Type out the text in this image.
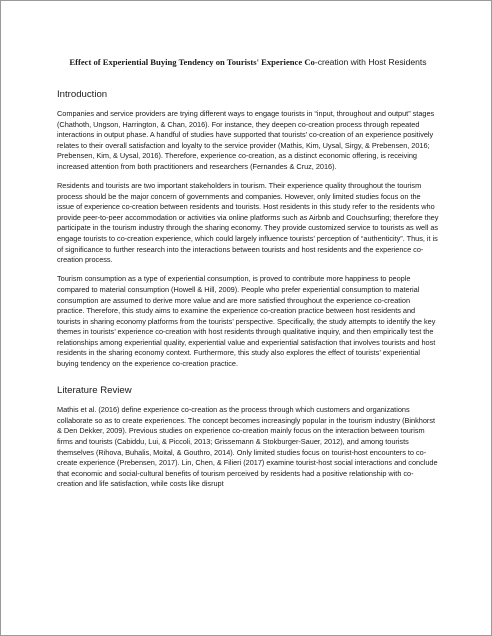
Effect of Experiential Buying Tendency on Tourists' Experience Co-creation with Host Residents
Introduction

Companies and service providers are trying different ways to engage tourists in “input, throughout and output” stages (Chathoth, Ungson, Harrington, & Chan, 2016). For instance, they deepen co-creation process through repeated interactions in output phase. A handful of studies have supported that tourists’ co-creation of an experience positively relates to their overall satisfaction and loyalty to the service provider (Mathis, Kim, Uysal, Sirgy, & Prebensen, 2016; Prebensen, Kim, & Uysal, 2016). Therefore, experience co-creation, as a distinct economic offering, is receiving increased attention from both practitioners and researchers (Fernandes & Cruz, 2016).

Residents and tourists are two important stakeholders in tourism. Their experience quality throughout the tourism process should be the major concern of governments and companies. However, only limited studies focus on the issue of experience co-creation between residents and tourists. Host residents in this study refer to the residents who provide peer-to-peer accommodation or activities via online platforms such as Airbnb and Couchsurfing; therefore they participate in the tourism industry through the sharing economy. They provide customized service to tourists as well as engage tourists to co-creation experience, which could largely influence tourists’ perception of “authenticity”. Thus, it is of significance to further research into the interactions between tourists and host residents and the experience co-creation process.

Tourism consumption as a type of experiential consumption, is proved to contribute more happiness to people compared to material consumption (Howell & Hill, 2009). People who prefer experiential consumption to material consumption are assumed to derive more value and are more satisfied throughout the experience co-creation practice. Therefore, this study aims to examine the experience co-creation practice between host residents and tourists in sharing economy platforms from the tourists’ perspective. Specifically, the study attempts to identify the key themes in tourists’ experience co-creation with host residents through qualitative inquiry, and then empirically test the relationships among experiential quality, experiential value and experiential satisfaction that involves tourists and host residents in the sharing economy context. Furthermore, this study also explores the effect of tourists’ experiential buying tendency on the experience co-creation practice.

Literature Review

Mathis et al. (2016) define experience co-creation as the process through which customers and organizations collaborate so as to create experiences. The concept becomes increasingly popular in the tourism industry (Binkhorst & Den Dekker, 2009). Previous studies on experience co-creation mainly focus on the interaction between tourism firms and tourists (Cabiddu, Lui, & Piccoli, 2013; Grissemann & Stokburger-Sauer, 2012), and among tourists themselves (Rihova, Buhalis, Moital, & Gouthro, 2014). Only limited studies focus on tourist-host encounters to co-create experience (Prebensen, 2017). Lin, Chen, & Filieri (2017) examine tourist-host social interactions and conclude that economic and social-cultural benefits of tourism perceived by residents had a positive relationship with co-creation and life satisfaction, while costs like disrupt
